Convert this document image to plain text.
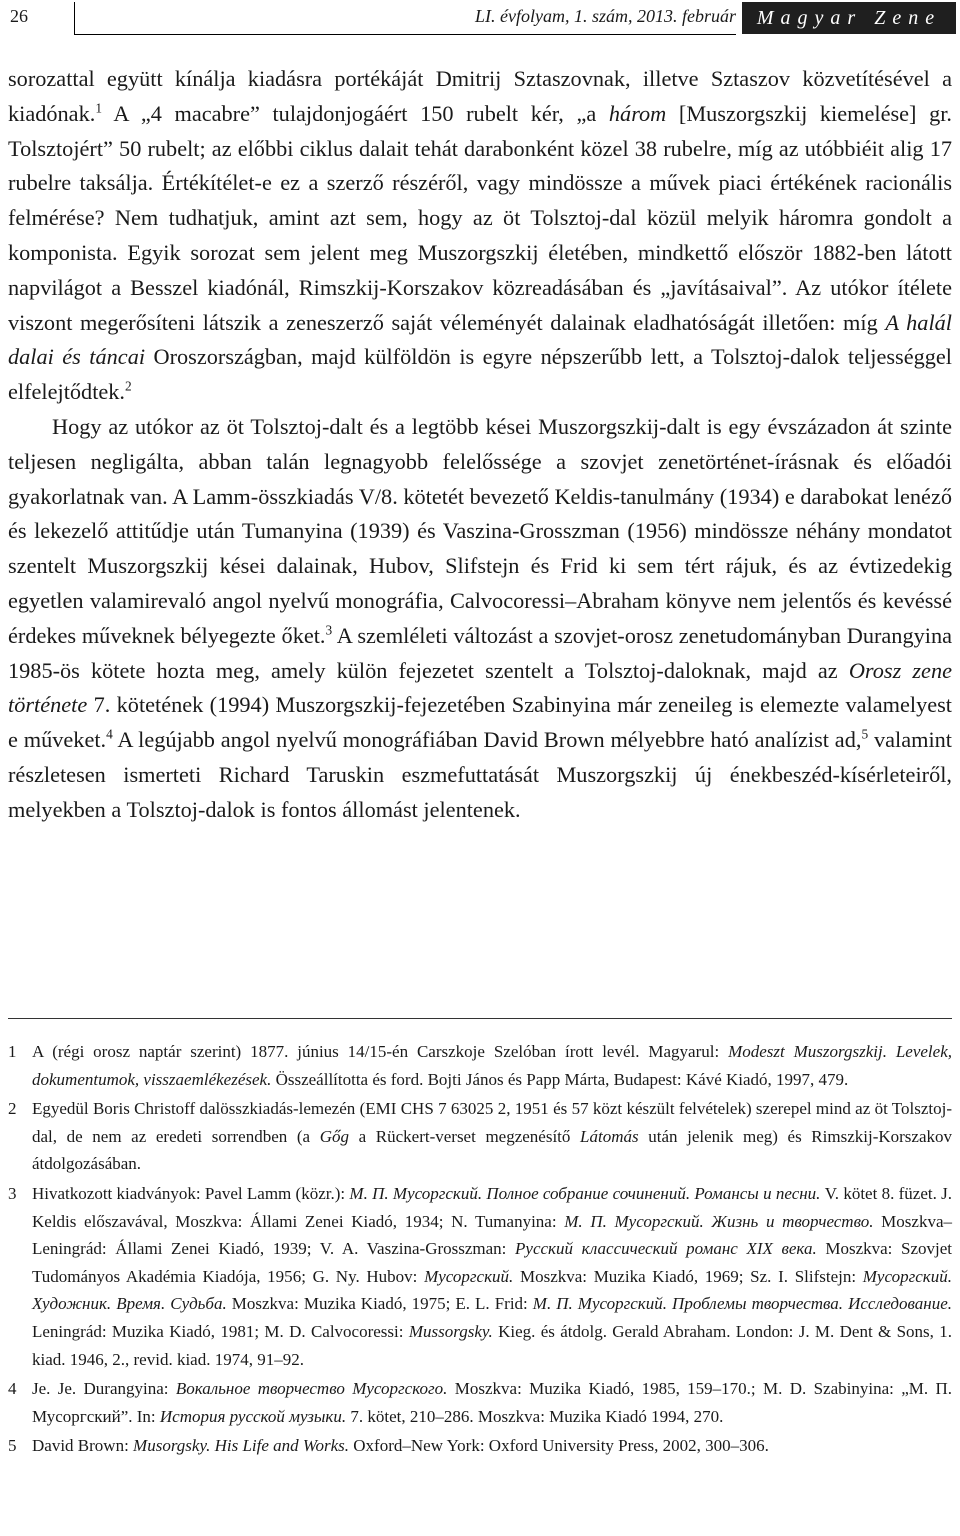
26	LI. évfolyam, 1. szám, 2013. február	Magyar Zene

sorozattal együtt kínálja kiadásra portékáját Dmitrij Sztaszovnak, illetve Sztaszov közvetítésével a kiadónak.$^1$ A „4 macabre” tulajdonjogáért 150 rubelt kér, „a három [Muszorgszkij kiemelése] gr. Tolsztojért” 50 rubelt; az előbbi ciklus dalait tehát darabonként közel 38 rubelre, míg az utóbbiéit alig 17 rubelre taksálja. Értékítélet-e ez a szerző részéről, vagy mindössze a művek piaci értékének racionális felmérése? Nem tudhatjuk, amint azt sem, hogy az öt Tolsztoj-dal közül melyik háromra gondolt a komponista. Egyik sorozat sem jelent meg Muszorgszkij életében, mindkettő először 1882-ben látott napvilágot a Besszel kiadónál, Rimszkij-Korszakov közreadásában és „javításaival”. Az utókor ítélete viszont megerősíteni látszik a zeneszerző saját véleményét dalainak eladhatóságát illetően: míg A halál dalai és táncai Oroszországban, majd külföldön is egyre népszerűbb lett, a Tolsztoj-dalok teljességgel elfelejtődtek.$^2$

Hogy az utókor az öt Tolsztoj-dalt és a legtöbb kései Muszorgszkij-dalt is egy évszázadon át szinte teljesen negligálta, abban talán legnagyobb felelőssége a szovjet zenetörténet-írásnak és előadói gyakorlatnak van. A Lamm-összkiadás V/8. kötetét bevezető Keldis-tanulmány (1934) e darabokat lenéző és lekezelő attitűdje után Tumanyina (1939) és Vaszina-Grosszman (1956) mindössze néhány mondatot szentelt Muszorgszkij kései dalainak, Hubov, Slifstejn és Frid ki sem tért rájuk, és az évtizedekig egyetlen valamirevaló angol nyelvű monográfia, Calvocoressi–Abraham könyve nem jelentős és kevéssé érdekes műveknek bélyegezte őket.$^3$ A szemléleti változást a szovjet-orosz zenetudományban Durangyina 1985-ös kötete hozta meg, amely külön fejezetet szentelt a Tolsztoj-daloknak, majd az Orosz zene története 7. kötetének (1994) Muszorgszkij-fejezetében Szabinyina már zeneileg is elemezte valamelyest e műveket.$^4$ A legújabb angol nyelvű monográfiában David Brown mélyebbre ható analízist ad,$^5$ valamint részletesen ismerteti Richard Taruskin eszmefuttatását Muszorgszkij új énekbeszéd-kísérleteiről, melyekben a Tolsztoj-dalok is fontos állomást jelentenek.

1 A (régi orosz naptár szerint) 1877. június 14/15-én Carszkoje Szelóban írott levél. Magyarul: Modeszt Muszorgszkij. Levelek, dokumentumok, visszaemlékezések. Összeállította és ford. Bojti János és Papp Márta, Budapest: Kávé Kiadó, 1997, 479.
2 Egyedül Boris Christoff dalösszkiadás-lemezén (EMI CHS 7 63025 2, 1951 és 57 közt készült felvételek) szerepel mind az öt Tolsztoj-dal, de nem az eredeti sorrendben (a Gőg a Rückert-verset megzenésítő Látomás után jelenik meg) és Rimszkij-Korszakov átdolgozásában.
3 Hivatkozott kiadványok: Pavel Lamm (közr.): М. П. Мусоргский. Полное собрание сочинений. Романсы и песни. V. kötet 8. füzet. J. Keldis előszavával, Moszkva: Állami Zenei Kiadó, 1934; N. Tumanyina: М. П. Мусоргский. Жизнь и творчество. Moszkva–Leningrád: Állami Zenei Kiadó, 1939; V. A. Vaszina-Grosszman: Русский классический романс XIX века. Moszkva: Szovjet Tudományos Akadémia Kiadója, 1956; G. Ny. Hubov: Мусоргский. Moszkva: Muzika Kiadó, 1969; Sz. I. Slifstejn: Мусоргский. Художник. Время. Судьба. Moszkva: Muzika Kiadó, 1975; E. L. Frid: М. П. Мусоргский. Проблемы творчества. Исследование. Leningrád: Muzika Kiadó, 1981; M. D. Calvocoressi: Mussorgsky. Kieg. és átdolg. Gerald Abraham. London: J. M. Dent & Sons, 1. kiad. 1946, 2., revid. kiad. 1974, 91–92.
4 Je. Je. Durangyina: Вокальное творчество Мусоргского. Moszkva: Muzika Kiadó, 1985, 159–170.; M. D. Szabinyina: „М. П. Мусоргский”. In: История русской музыки. 7. kötet, 210–286. Moszkva: Muzika Kiadó 1994, 270.
5 David Brown: Musorgsky. His Life and Works. Oxford–New York: Oxford University Press, 2002, 300–306.
